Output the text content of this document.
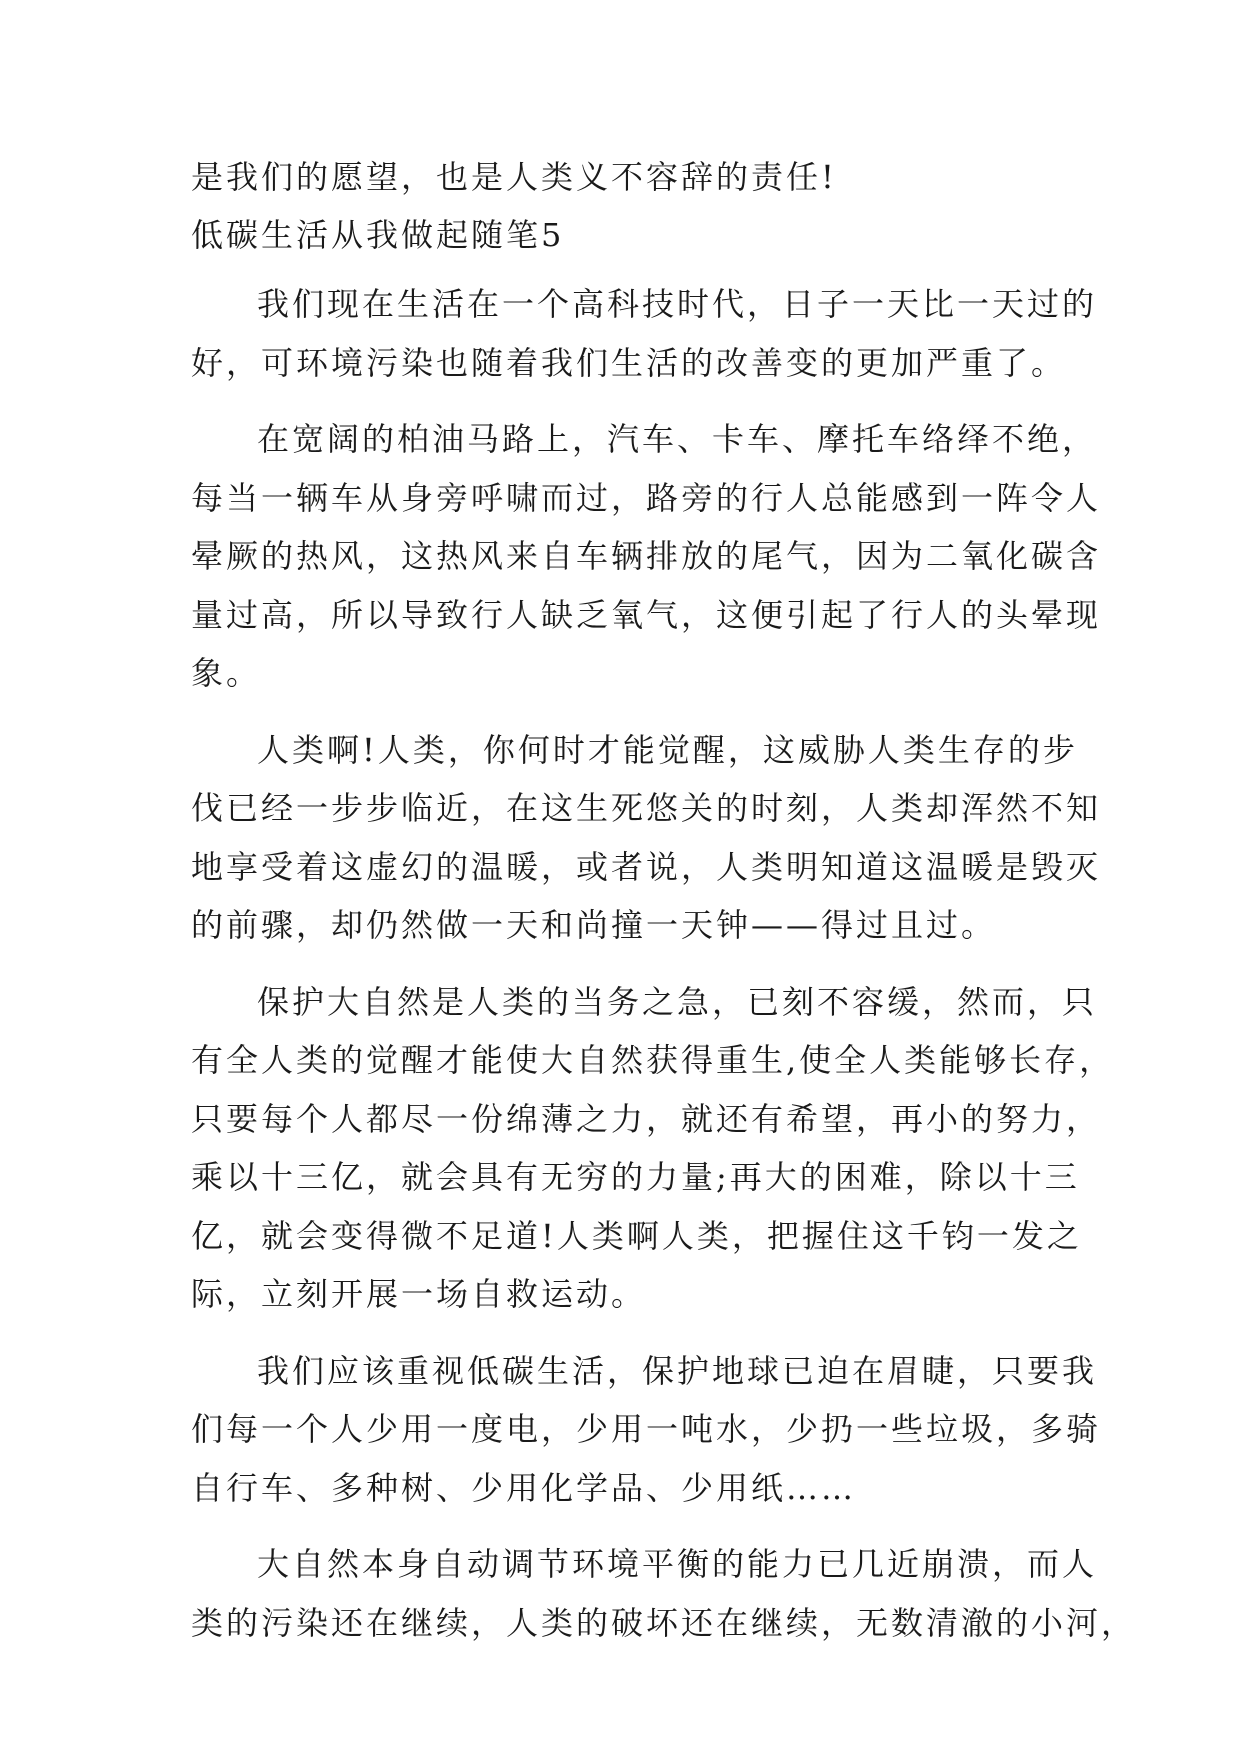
是我们的愿望，也是人类义不容辞的责任!

低碳生活从我做起随笔5

我们现在生活在一个高科技时代，日子一天比一天过的
好，可环境污染也随着我们生活的改善变的更加严重了。
在宽阔的柏油马路上，汽车、卡车、摩托车络绎不绝，
每当一辆车从身旁呼啸而过，路旁的行人总能感到一阵令人
晕厥的热风，这热风来自车辆排放的尾气，因为二氧化碳含
量过高，所以导致行人缺乏氧气，这便引起了行人的头晕现
象。
人类啊!人类，你何时才能觉醒，这威胁人类生存的步
伐已经一步步临近，在这生死悠关的时刻，人类却浑然不知
地享受着这虚幻的温暖，或者说，人类明知道这温暖是毁灭
的前骤，却仍然做一天和尚撞一天钟——得过且过。
保护大自然是人类的当务之急，已刻不容缓，然而，只
有全人类的觉醒才能使大自然获得重生,使全人类能够长存，
只要每个人都尽一份绵薄之力，就还有希望，再小的努力，
乘以十三亿，就会具有无穷的力量;再大的困难，除以十三
亿，就会变得微不足道!人类啊人类，把握住这千钧一发之
际，立刻开展一场自救运动。
我们应该重视低碳生活，保护地球已迫在眉睫，只要我
们每一个人少用一度电，少用一吨水，少扔一些垃圾，多骑
自行车、多种树、少用化学品、少用纸……
大自然本身自动调节环境平衡的能力已几近崩溃，而人
类的污染还在继续，人类的破坏还在继续，无数清澈的小河，
